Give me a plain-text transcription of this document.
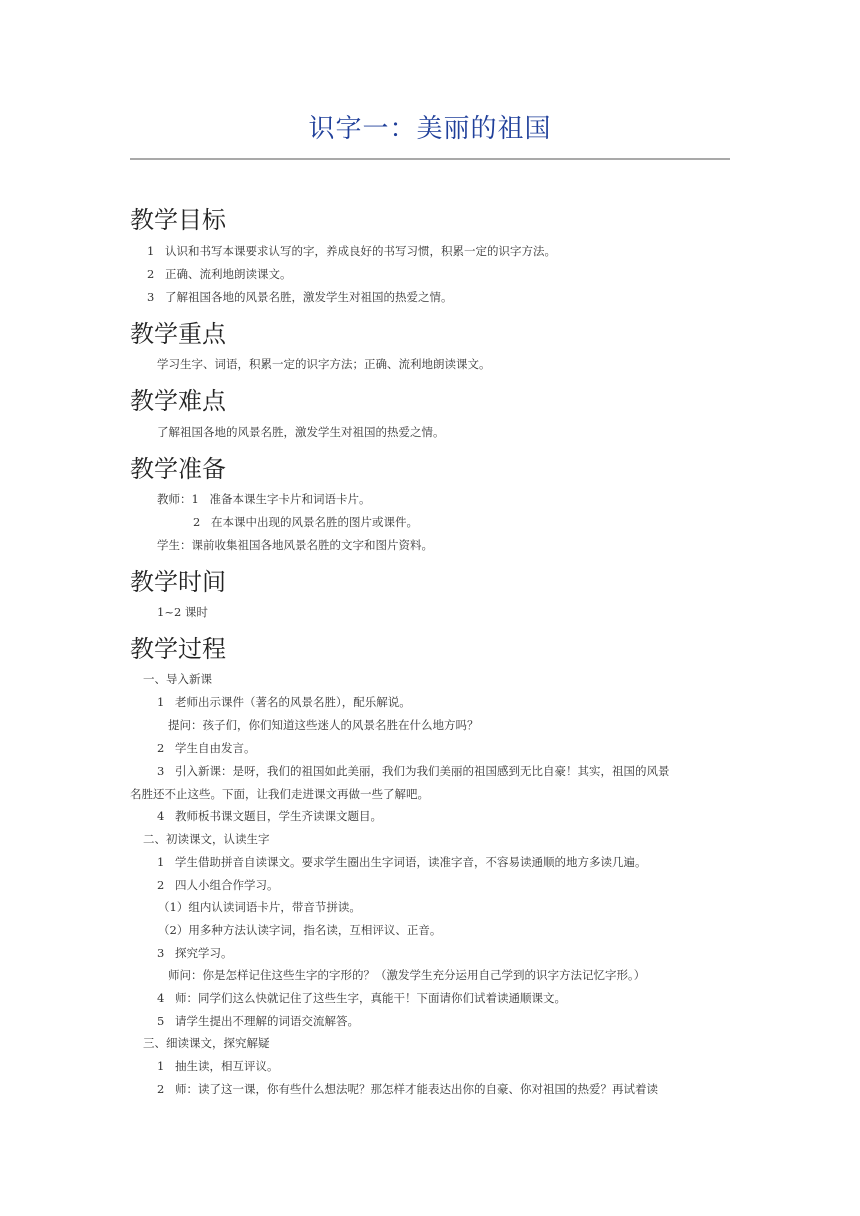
识字一：美丽的祖国
教学目标
1 认识和书写本课要求认写的字，养成良好的书写习惯，积累一定的识字方法。
2 正确、流利地朗读课文。
3 了解祖国各地的风景名胜，激发学生对祖国的热爱之情。
教学重点
学习生字、词语，积累一定的识字方法；正确、流利地朗读课文。
教学难点
了解祖国各地的风景名胜，激发学生对祖国的热爱之情。
教学准备
教师：1 准备本课生字卡片和词语卡片。
2 在本课中出现的风景名胜的图片或课件。
学生：课前收集祖国各地风景名胜的文字和图片资料。
教学时间
1~2 课时
教学过程
一、导入新课
1 老师出示课件（著名的风景名胜），配乐解说。
提问：孩子们，你们知道这些迷人的风景名胜在什么地方吗？
2 学生自由发言。
3 引入新课：是呀，我们的祖国如此美丽，我们为我们美丽的祖国感到无比自豪！其实，祖国的风景
名胜还不止这些。下面，让我们走进课文再做一些了解吧。
4 教师板书课文题目，学生齐读课文题目。
二、初读课文，认读生字
1 学生借助拼音自读课文。要求学生圈出生字词语，读准字音，不容易读通顺的地方多读几遍。
2 四人小组合作学习。
（1）组内认读词语卡片，带音节拼读。
（2）用多种方法认读字词，指名读，互相评议、正音。
3 探究学习。
师问：你是怎样记住这些生字的字形的？（激发学生充分运用自己学到的识字方法记忆字形。）
4 师：同学们这么快就记住了这些生字，真能干！下面请你们试着读通顺课文。
5 请学生提出不理解的词语交流解答。
三、细读课文，探究解疑
1 抽生读，相互评议。
2 师：读了这一课，你有些什么想法呢？那怎样才能表达出你的自豪、你对祖国的热爱？再试着读
